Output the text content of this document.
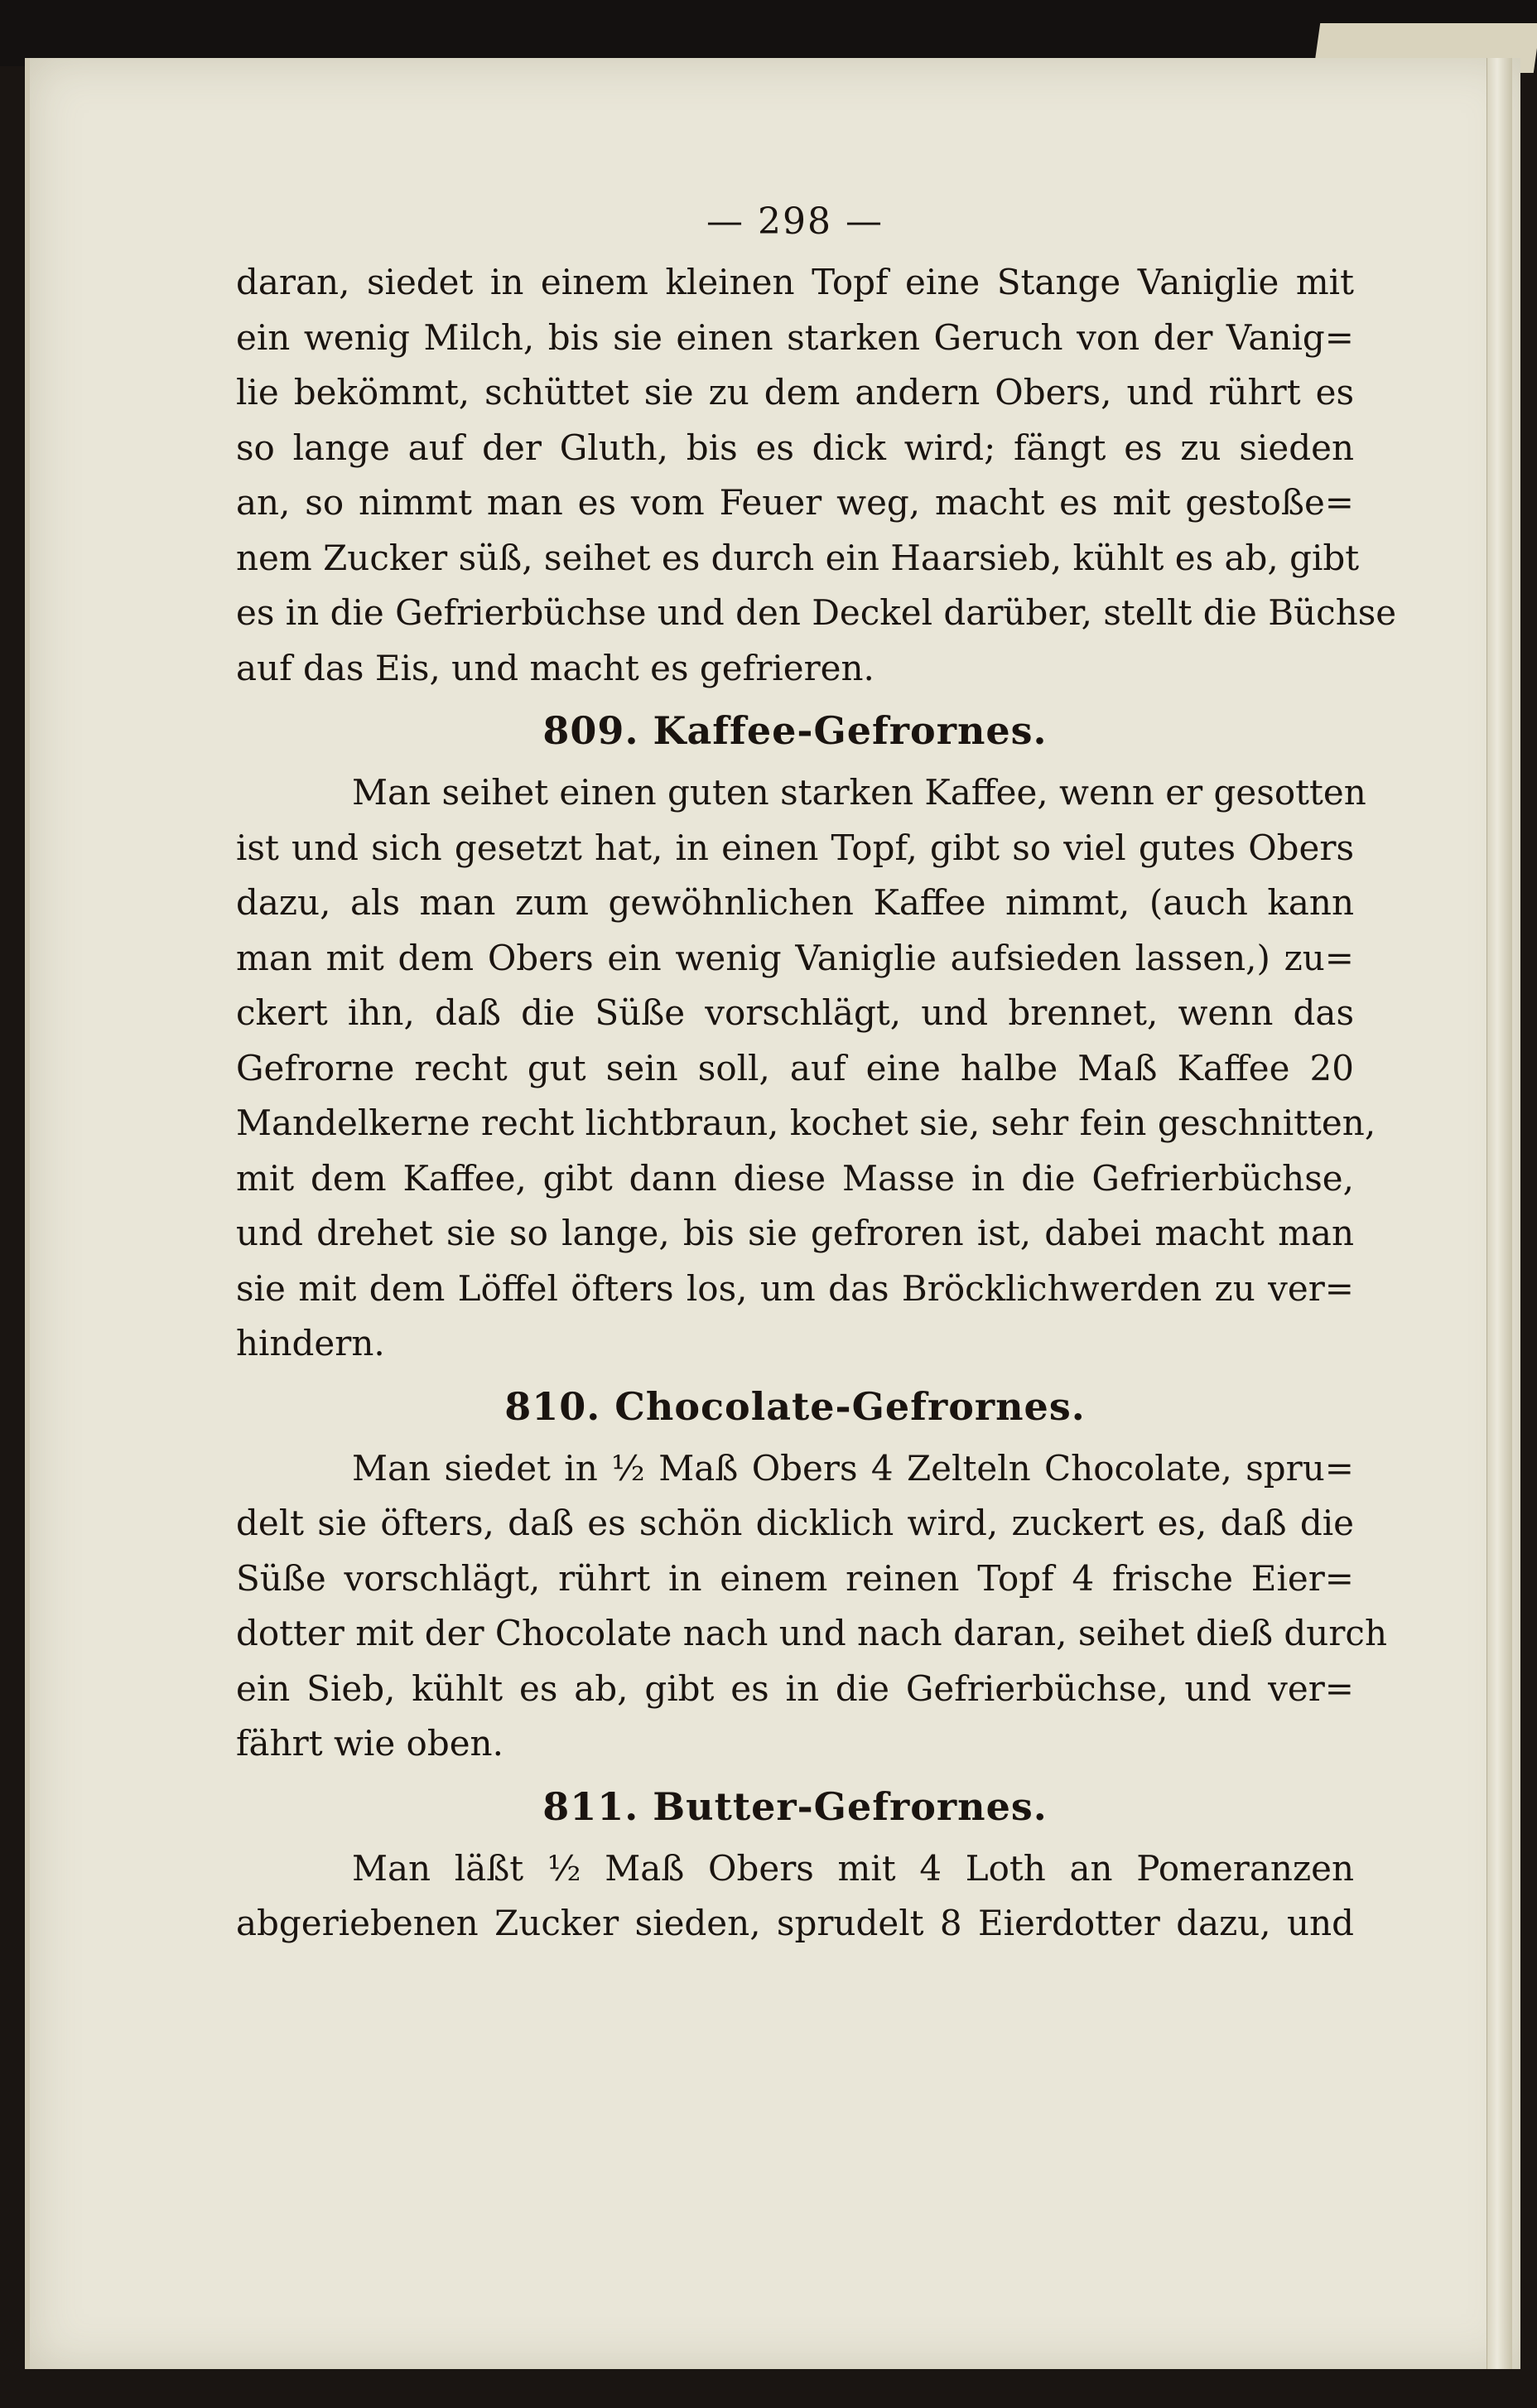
— 298 —
daran, siedet in einem kleinen Topf eine Stange Vaniglie mit
ein wenig Milch, bis sie einen starken Geruch von der Vanig=
lie bekömmt, schüttet sie zu dem andern Obers, und rührt es
so lange auf der Gluth, bis es dick wird; fängt es zu sieden
an, so nimmt man es vom Feuer weg, macht es mit gestoße=
nem Zucker süß, seihet es durch ein Haarsieb, kühlt es ab, gibt
es in die Gefrierbüchse und den Deckel darüber, stellt die Büchse
auf das Eis, und macht es gefrieren.
809. Kaffee-Gefrornes.
Man seihet einen guten starken Kaffee, wenn er gesotten
ist und sich gesetzt hat, in einen Topf, gibt so viel gutes Obers
dazu, als man zum gewöhnlichen Kaffee nimmt, (auch kann
man mit dem Obers ein wenig Vaniglie aufsieden lassen,) zu=
ckert ihn, daß die Süße vorschlägt, und brennet, wenn das
Gefrorne recht gut sein soll, auf eine halbe Maß Kaffee 20
Mandelkerne recht lichtbraun, kochet sie, sehr fein geschnitten,
mit dem Kaffee, gibt dann diese Masse in die Gefrierbüchse,
und drehet sie so lange, bis sie gefroren ist, dabei macht man
sie mit dem Löffel öfters los, um das Bröcklichwerden zu ver=
hindern.
810. Chocolate-Gefrornes.
Man siedet in ½ Maß Obers 4 Zelteln Chocolate, spru=
delt sie öfters, daß es schön dicklich wird, zuckert es, daß die
Süße vorschlägt, rührt in einem reinen Topf 4 frische Eier=
dotter mit der Chocolate nach und nach daran, seihet dieß durch
ein Sieb, kühlt es ab, gibt es in die Gefrierbüchse, und ver=
fährt wie oben.
811. Butter-Gefrornes.
Man läßt ½ Maß Obers mit 4 Loth an Pomeranzen
abgeriebenen Zucker sieden, sprudelt 8 Eierdotter dazu, und
